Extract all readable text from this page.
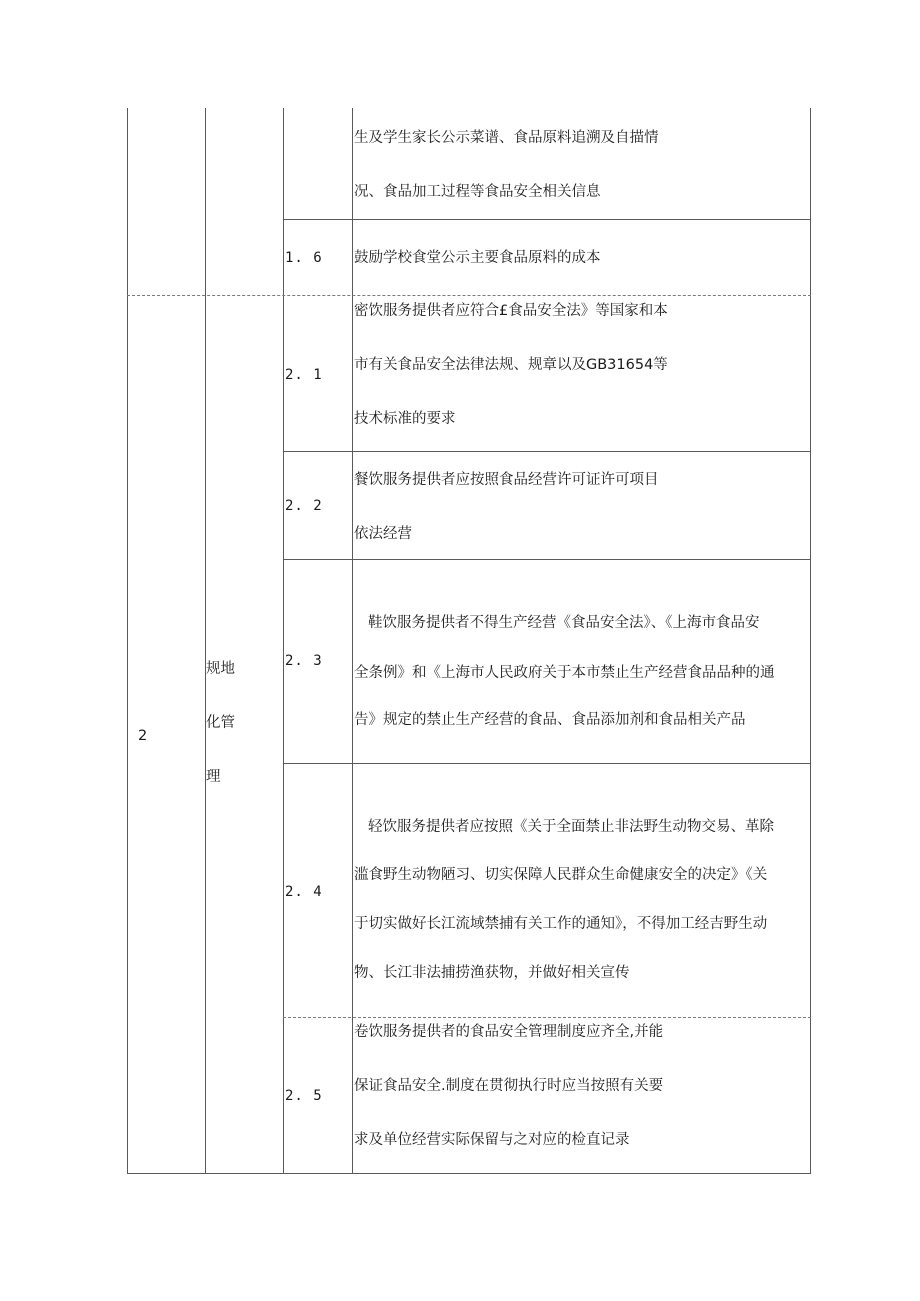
生及学生家长公示菜谱、食品原料追溯及自描情
况、食品加工过程等食品安全相关信息
1. 6 鼓励学校食堂公示主要食品原料的成本
2
规地
化管
理
2. 1
密饮服务提供者应符合£食品安全法》等国家和本
市有关食品安全法律法规、规章以及GB31654等
技术标准的要求
2. 2
餐饮服务提供者应按照食品经营许可证许可项目
依法经营
2. 3
鞋饮服务提供者不得生产经营《食品安全法》、《上海市食品安
全条例》和《上海市人民政府关于本市禁止生产经营食品品种的通
告》规定的禁止生产经营的食品、食品添加剂和食品相关产品
2. 4
轻饮服务提供者应按照《关于全面禁止非法野生动物交易、革除
滥食野生动物陋习、切实保障人民群众生命健康安全的决定》《关
于切实做好长江流域禁捕有关工作的通知》，不得加工经吉野生动
物、长江非法捕捞渔获物，并做好相关宣传
2. 5
卷饮服务提供者的食品安全管理制度应齐全,并能
保证食品安全.制度在贯彻执行时应当按照有关要
求及单位经营实际保留与之对应的检直记录
